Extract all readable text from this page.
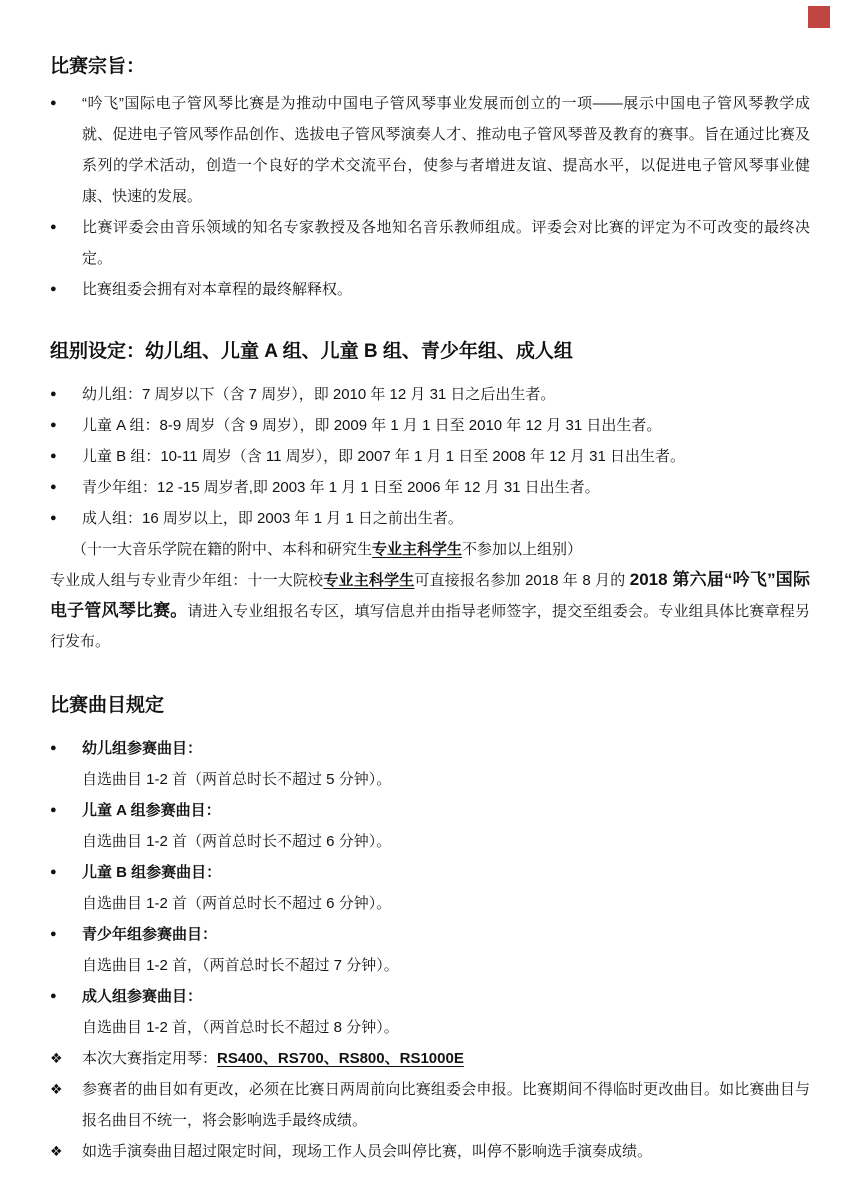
比赛宗旨：
●	“吟飞”国际电子管风琴比赛是为推动中国电子管风琴事业发展而创立的一项——展示中国电子管风琴教学成就、促进电子管风琴作品创作、选拔电子管风琴演奏人才、推动电子管风琴普及教育的赛事。旨在通过比赛及系列的学术活动，创造一个良好的学术交流平台，使参与者增进友谊、提高水平，以促进电子管风琴事业健康、快速的发展。

●	比赛评委会由音乐领域的知名专家教授及各地知名音乐教师组成。评委会对比赛的评定为不可改变的最终决定。

●	比赛组委会拥有对本章程的最终解释权。

组别设定：幼儿组、儿童 A 组、儿童 B 组、青少年组、成人组
●	幼儿组：7 周岁以下（含 7 周岁），即 2010 年 12 月 31 日之后出生者。

●	儿童 A 组：8-9 周岁（含 9 周岁），即 2009 年 1 月 1 日至 2010 年 12 月 31 日出生者。

●	儿童 B 组：10-11 周岁（含 11 周岁），即 2007 年 1 月 1 日至 2008 年 12 月 31 日出生者。

●	青少年组：12 -15 周岁者,即 2003 年 1 月 1 日至 2006 年 12 月 31 日出生者。

●	成人组：16 周岁以上，即 2003 年 1 月 1 日之前出生者。

（十一大音乐学院在籍的附中、本科和研究生专业主科学生不参加以上组别）

专业成人组与专业青少年组：十一大院校专业主科学生可直接报名参加 2018 年 8 月的 2018 第六届“吟飞”国际电子管风琴比赛。请进入专业组报名专区，填写信息并由指导老师签字，提交至组委会。专业组具体比赛章程另行发布。

比赛曲目规定
●	幼儿组参赛曲目：

自选曲目 1-2 首（两首总时长不超过 5 分钟）。

●	儿童 A 组参赛曲目：

自选曲目 1-2 首（两首总时长不超过 6 分钟）。

●	儿童 B 组参赛曲目：

自选曲目 1-2 首（两首总时长不超过 6 分钟）。

●	青少年组参赛曲目：

自选曲目 1-2 首，（两首总时长不超过 7 分钟）。

●	成人组参赛曲目：

自选曲目 1-2 首，（两首总时长不超过 8 分钟）。

❖	本次大赛指定用琴：RS400、RS700、RS800、RS1000E

❖	参赛者的曲目如有更改，必须在比赛日两周前向比赛组委会申报。比赛期间不得临时更改曲目。如比赛曲目与报名曲目不统一，将会影响选手最终成绩。

❖	如选手演奏曲目超过限定时间，现场工作人员会叫停比赛，叫停不影响选手演奏成绩。
